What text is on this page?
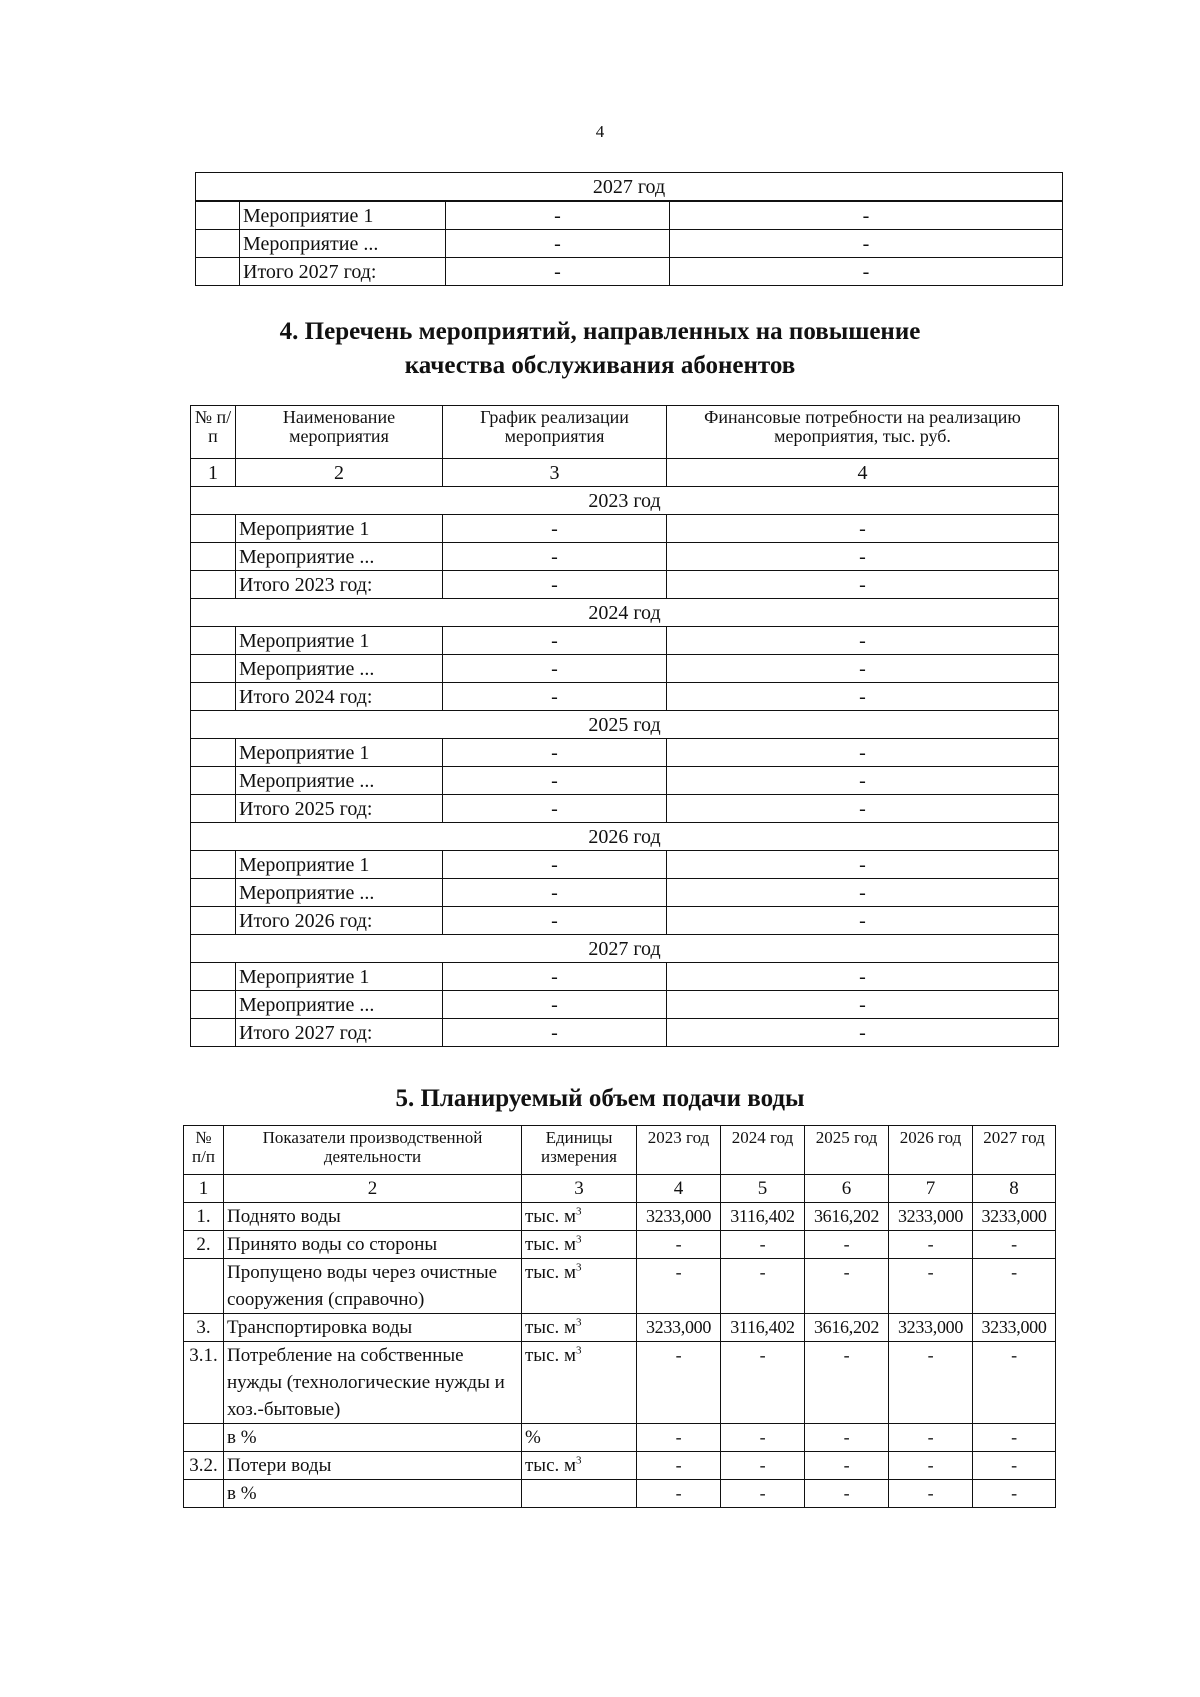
4
2027 год			
	Мероприятие 1	-	-
	Мероприятие ...	-	-
	Итого 2027 год:	-	-
4. Перечень мероприятий, направленных на повышение
качества обслуживания абонентов
№ п/п	Наименование мероприятия	График реализации мероприятия	Финансовые потребности на реализацию мероприятия, тыс. руб.
1	2	3	4
2023 год			
	Мероприятие 1	-	-
	Мероприятие ...	-	-
	Итого 2023 год:	-	-
2024 год			
	Мероприятие 1	-	-
	Мероприятие ...	-	-
	Итого 2024 год:	-	-
2025 год			
	Мероприятие 1	-	-
	Мероприятие ...	-	-
	Итого 2025 год:	-	-
2026 год			
	Мероприятие 1	-	-
	Мероприятие ...	-	-
	Итого 2026 год:	-	-
2027 год			
	Мероприятие 1	-	-
	Мероприятие ...	-	-
	Итого 2027 год:	-	-
5. Планируемый объем подачи воды
№ п/п	Показатели производственной деятельности	Единицы измерения	2023 год	2024 год	2025 год	2026 год	2027 год
1	2	3	4	5	6	7	8
1.	Поднято воды	тыс. $м^3$	3233,000	3116,402	3616,202	3233,000	3233,000
2.	Принято воды со стороны	тыс. $м^3$	-	-	-	-	-
	Пропущено воды через очистные сооружения (справочно)	тыс. $м^3$	-	-	-	-	-
3.	Транспортировка воды	тыс. $м^3$	3233,000	3116,402	3616,202	3233,000	3233,000
3.1.	Потребление на собственные нужды (технологические нужды и хоз.-бытовые)	тыс. $м^3$	-	-	-	-	-
	в %	%	-	-	-	-	-
3.2.	Потери воды	тыс. $м^3$	-	-	-	-	-
	в %		-	-	-	-	-
